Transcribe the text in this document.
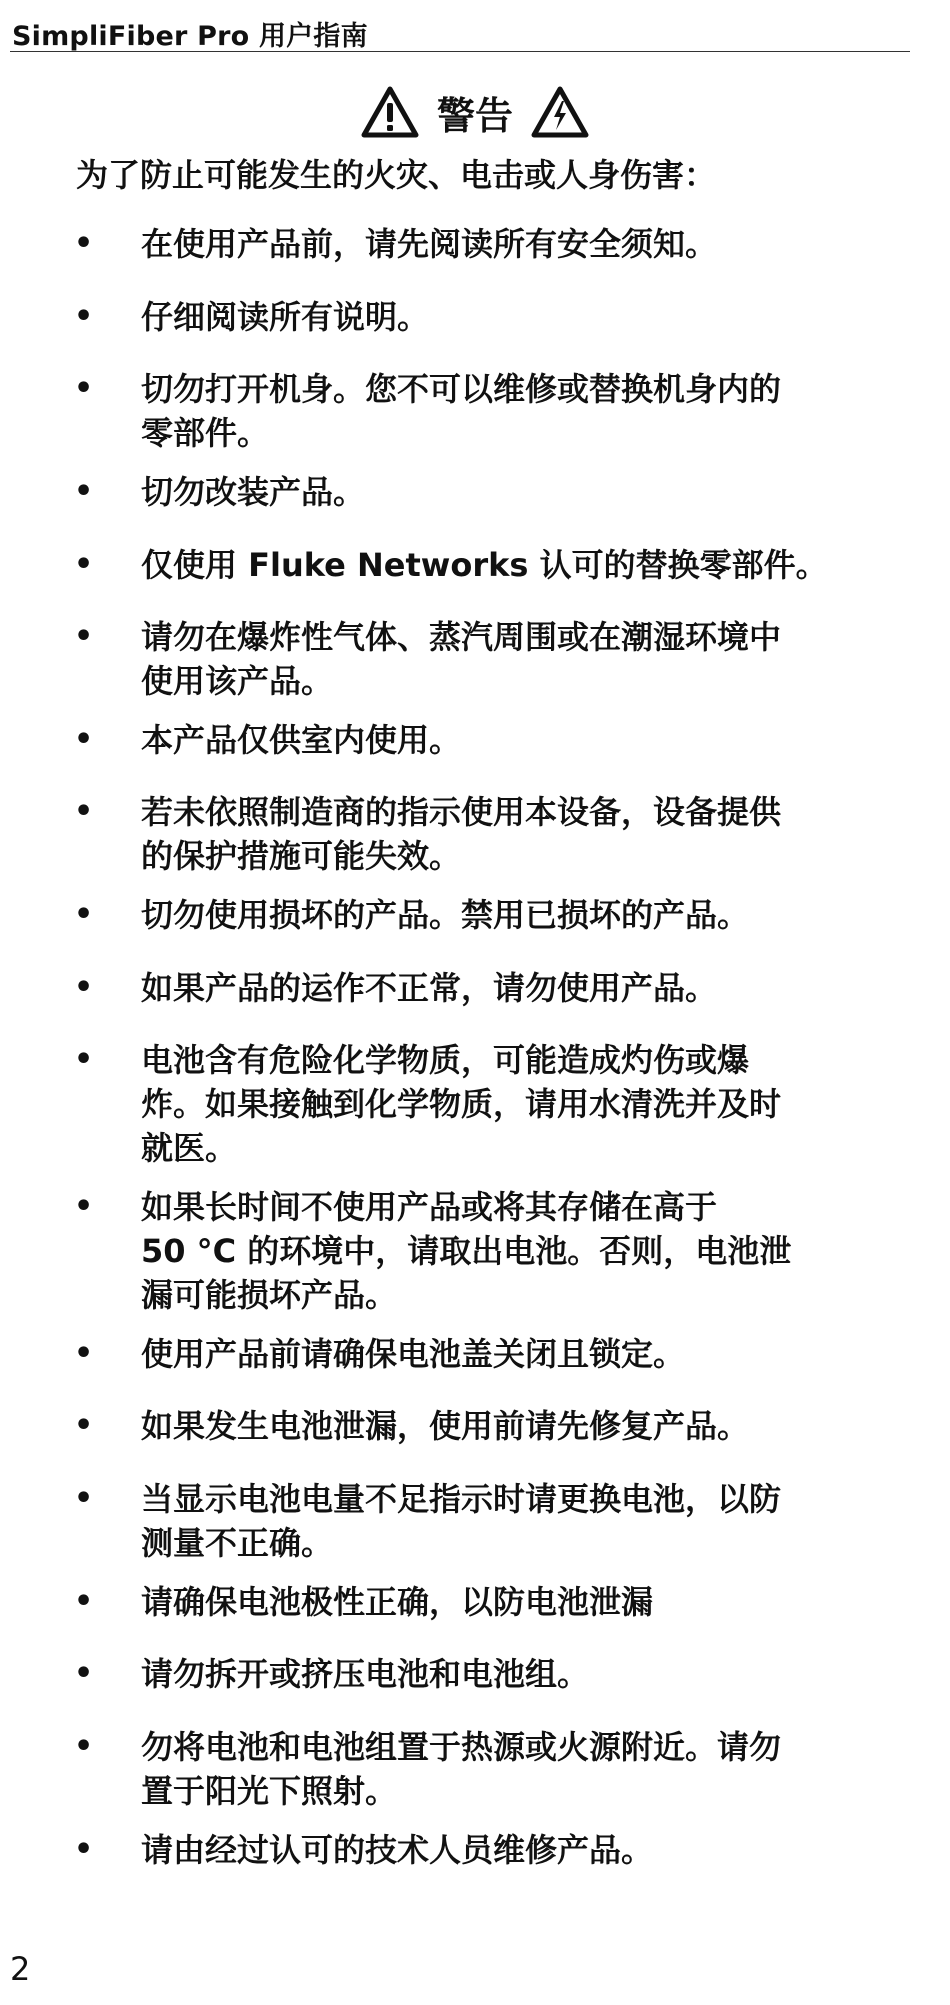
SimpliFiber Pro 用户指南
警告
为了防止可能发生的火灾、电击或人身伤害：
• 在使用产品前，请先阅读所有安全须知。
• 仔细阅读所有说明。
• 切勿打开机身。您不可以维修或替换机身内的
零部件。
• 切勿改装产品。
• 仅使用 Fluke Networks 认可的替换零部件。
• 请勿在爆炸性气体、蒸汽周围或在潮湿环境中
使用该产品。
• 本产品仅供室内使用。
• 若未依照制造商的指示使用本设备，设备提供
的保护措施可能失效。
• 切勿使用损坏的产品。禁用已损坏的产品。
• 如果产品的运作不正常，请勿使用产品。
• 电池含有危险化学物质，可能造成灼伤或爆
炸。如果接触到化学物质，请用水清洗并及时
就医。
• 如果长时间不使用产品或将其存储在高于
50 °C 的环境中，请取出电池。否则，电池泄
漏可能损坏产品。
• 使用产品前请确保电池盖关闭且锁定。
• 如果发生电池泄漏，使用前请先修复产品。
• 当显示电池电量不足指示时请更换电池，以防
测量不正确。
• 请确保电池极性正确，以防电池泄漏
• 请勿拆开或挤压电池和电池组。
• 勿将电池和电池组置于热源或火源附近。请勿
置于阳光下照射。
• 请由经过认可的技术人员维修产品。
2
